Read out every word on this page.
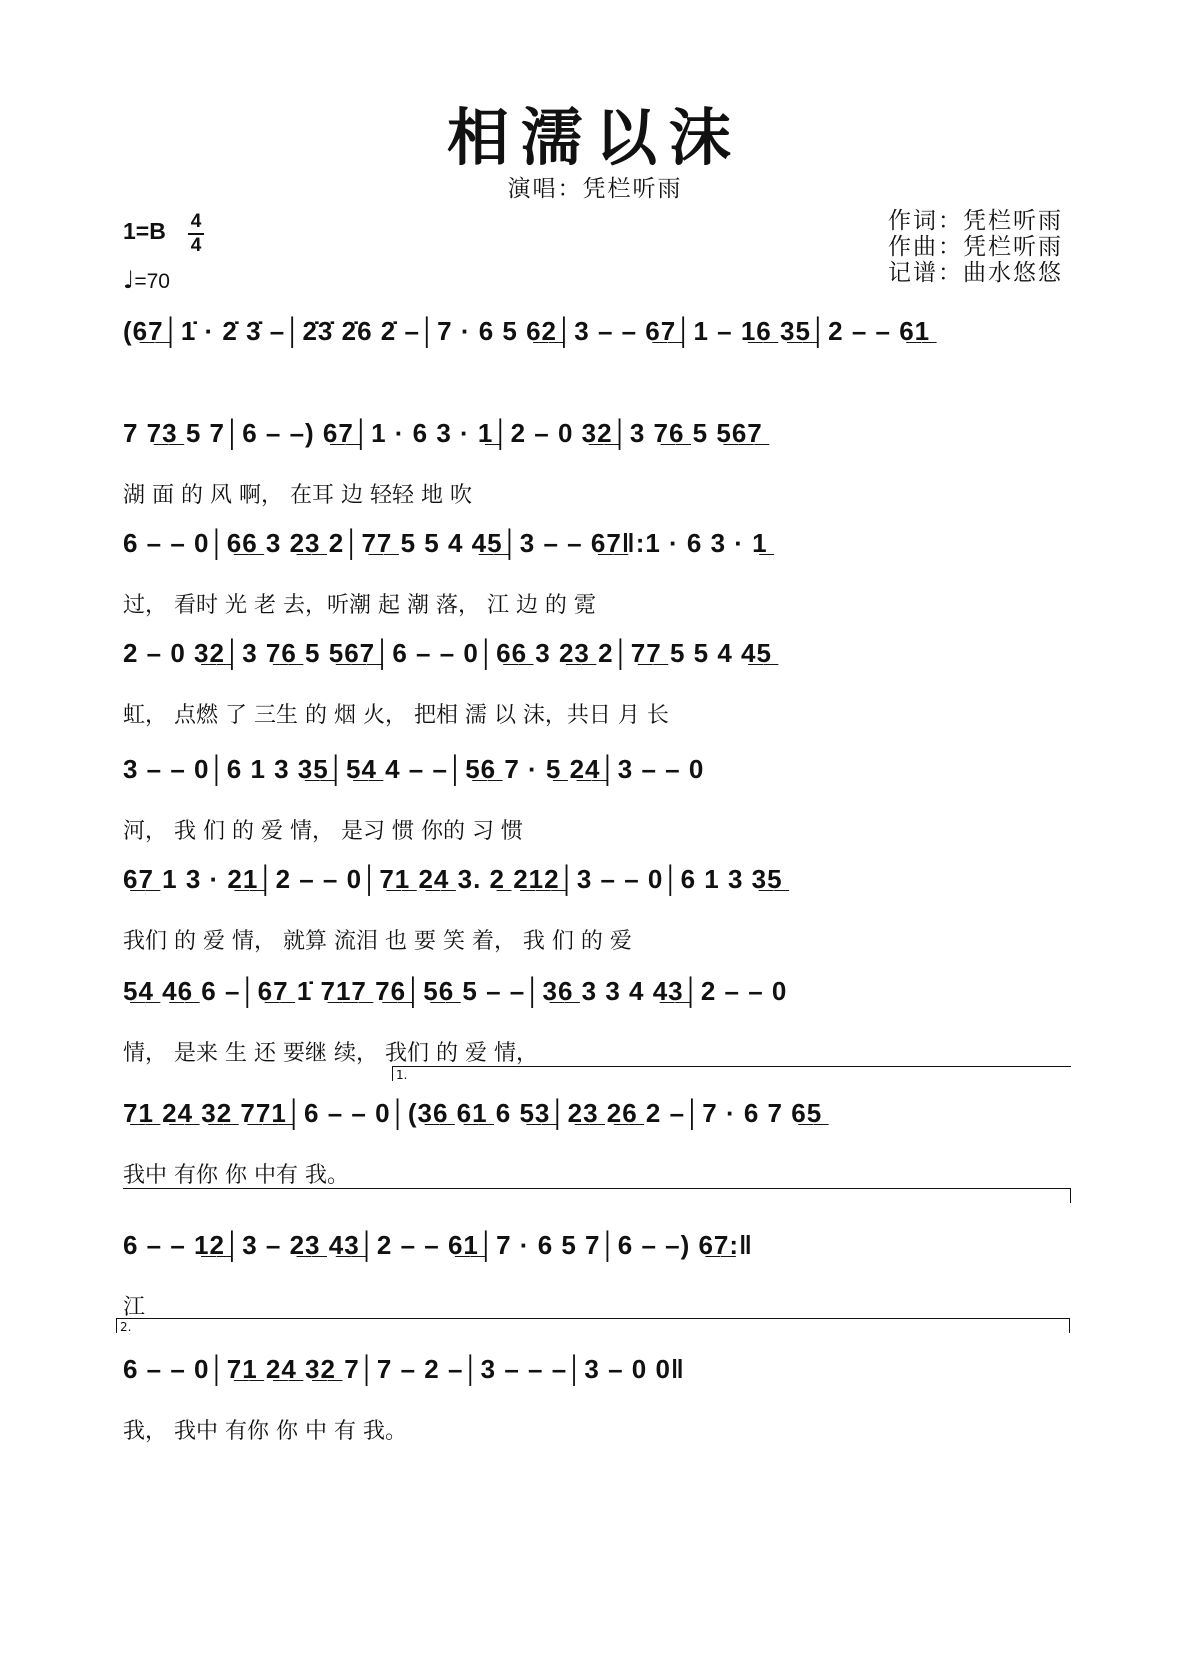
相濡以沫
演唱：凭栏听雨
作词：凭栏听雨
作曲：凭栏听雨
记谱：曲水悠悠
1=B 4
4
♩=70
(6̲7̲│1̇ · 2̇ 3̇ –│2̇3̇ 2̇6 2̇ –│7 · 6 5 6̲2̲│3 – – 6̲7̲│1 – 1̲6̲ 3̲5̲│2 – – 6̲1̲
7 7̲3̲ 5 7│6 – –) 6̲7̲│1 · 6 3 · 1̲│2 – 0 3̲2̲│3 7̲6̲ 5 5̲6̲7̲
湖 面 的 风 啊， 在耳 边 轻轻 地 吹
6 – – 0│6̲6̲ 3 2̲3̲ 2│7̲7̲ 5 5 4 4̲5̲│3 – – 6̲7̲‖:1 · 6 3 · 1̲
过， 看时 光 老 去，听潮 起 潮 落， 江 边 的 霓
2 – 0 3̲2̲│3 7̲6̲ 5 5̲6̲7̲│6 – – 0│6̲6̲ 3 2̲3̲ 2│7̲7̲ 5 5 4 4̲5̲
虹， 点燃 了 三生 的 烟 火， 把相 濡 以 沫，共日 月 长
3 – – 0│6 1 3 3̲5̲│5̲4̲ 4 – –│5̲6̲ 7 · 5̲ 2̲4̲│3 – – 0
河， 我 们 的 爱 情， 是习 惯 你的 习 惯
6̲7̲ 1 3 · 2̲1̲│2 – – 0│7̲1̲ 2̲4̲ 3. 2̲ 2̲1̲2̲│3 – – 0│6 1 3 3̲5̲
我们 的 爱 情， 就算 流泪 也 要 笑 着， 我 们 的 爱
5̲4̲ 4̲6̲ 6 –│6̲7̲ 1̇ 7̲1̲7̲ 7̲6̲│5̲6̲ 5 – –│3̲6̲ 3 3 4 4̲3̲│2 – – 0
情， 是来 生 还 要继 续， 我们 的 爱 情，
1.
7̲1̲ 2̲4̲ 3̲2̲ 7̲7̲1̲│6 – – 0│(3̲6̲ 6̲1̲ 6 5̲3̲│2̲3̲ 2̲6̲ 2 –│7 · 6 7 6̲5̲
我中 有你 你 中有 我。
6 – – 1̲2̲│3 – 2̲3̲ 4̲3̲│2 – – 6̲1̲│7 · 6 5 7│6 – –) 6̲7̲:‖
江
2.
6 – – 0│7̲1̲ 2̲4̲ 3̲2̲ 7│7 – 2 –│3 – – –│3 – 0 0‖
我， 我中 有你 你 中 有 我。
